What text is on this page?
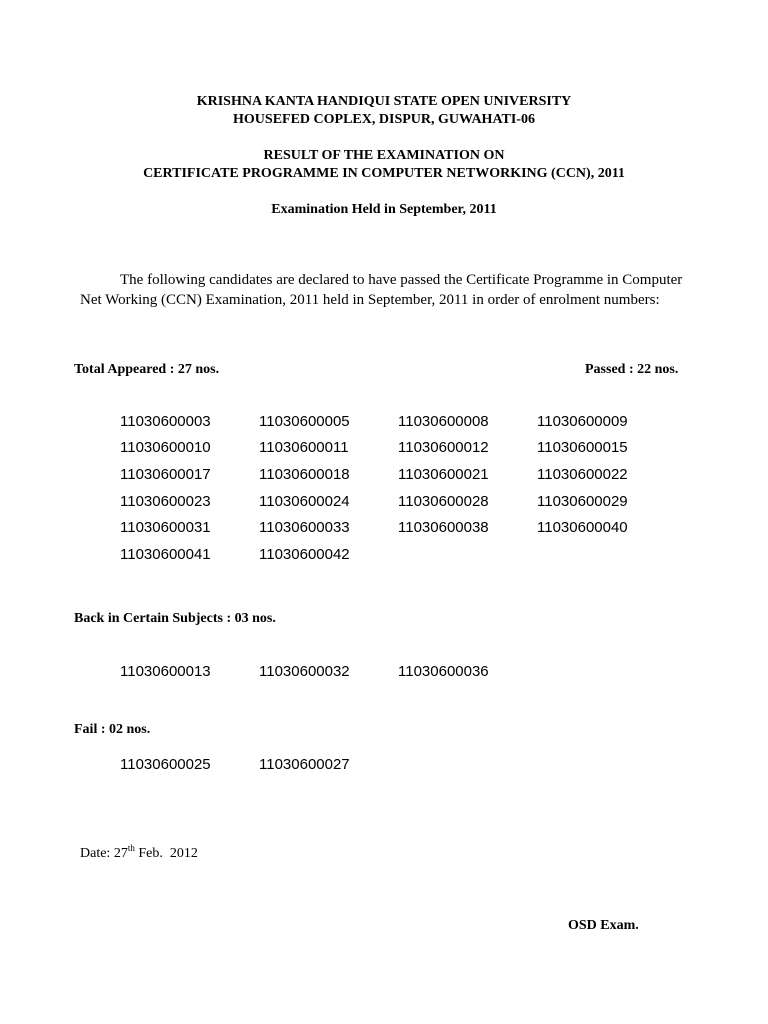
KRISHNA KANTA HANDIQUI STATE OPEN UNIVERSITY
HOUSEFED COPLEX, DISPUR, GUWAHATI-06
RESULT OF THE EXAMINATION ON
CERTIFICATE PROGRAMME IN COMPUTER NETWORKING (CCN), 2011
Examination Held in September, 2011
The following candidates are declared to have passed the Certificate Programme in Computer
Net Working (CCN) Examination, 2011 held in September, 2011 in order of enrolment numbers:
Total Appeared : 27 nos.	Passed : 22 nos.
11030600003	11030600005	11030600008	11030600009
11030600010	11030600011	11030600012	11030600015
11030600017	11030600018	11030600021	11030600022
11030600023	11030600024	11030600028	11030600029
11030600031	11030600033	11030600038	11030600040
11030600041	11030600042
Back in Certain Subjects : 03 nos.
11030600013	11030600032	11030600036
Fail : 02 nos.
11030600025	11030600027
Date: 27th Feb.  2012
OSD Exam.
